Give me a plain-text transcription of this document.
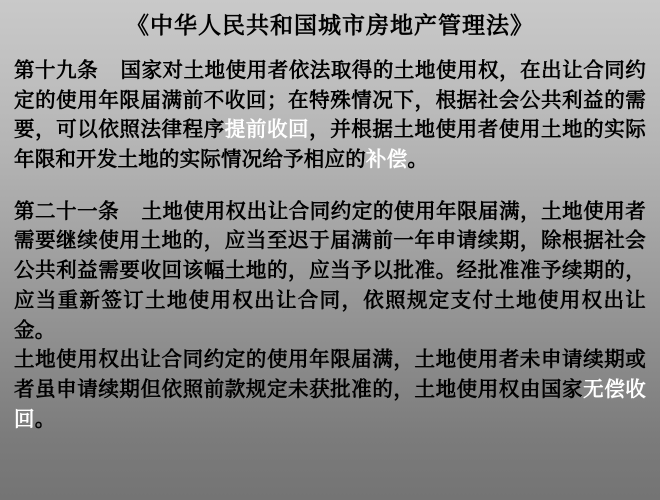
《中华人民共和国城市房地产管理法》

第十九条 国家对土地使用者依法取得的土地使用权，在出让合同约定的使用年限届满前不收回；在特殊情况下，根据社会公共利益的需要，可以依照法律程序提前收回，并根据土地使用者使用土地的实际年限和开发土地的实际情况给予相应的补偿。

第二十一条 土地使用权出让合同约定的使用年限届满，土地使用者需要继续使用土地的，应当至迟于届满前一年申请续期，除根据社会公共利益需要收回该幅土地的，应当予以批准。经批准准予续期的，应当重新签订土地使用权出让合同，依照规定支付土地使用权出让金。
土地使用权出让合同约定的使用年限届满，土地使用者未申请续期或者虽申请续期但依照前款规定未获批准的，土地使用权由国家无偿收回。
